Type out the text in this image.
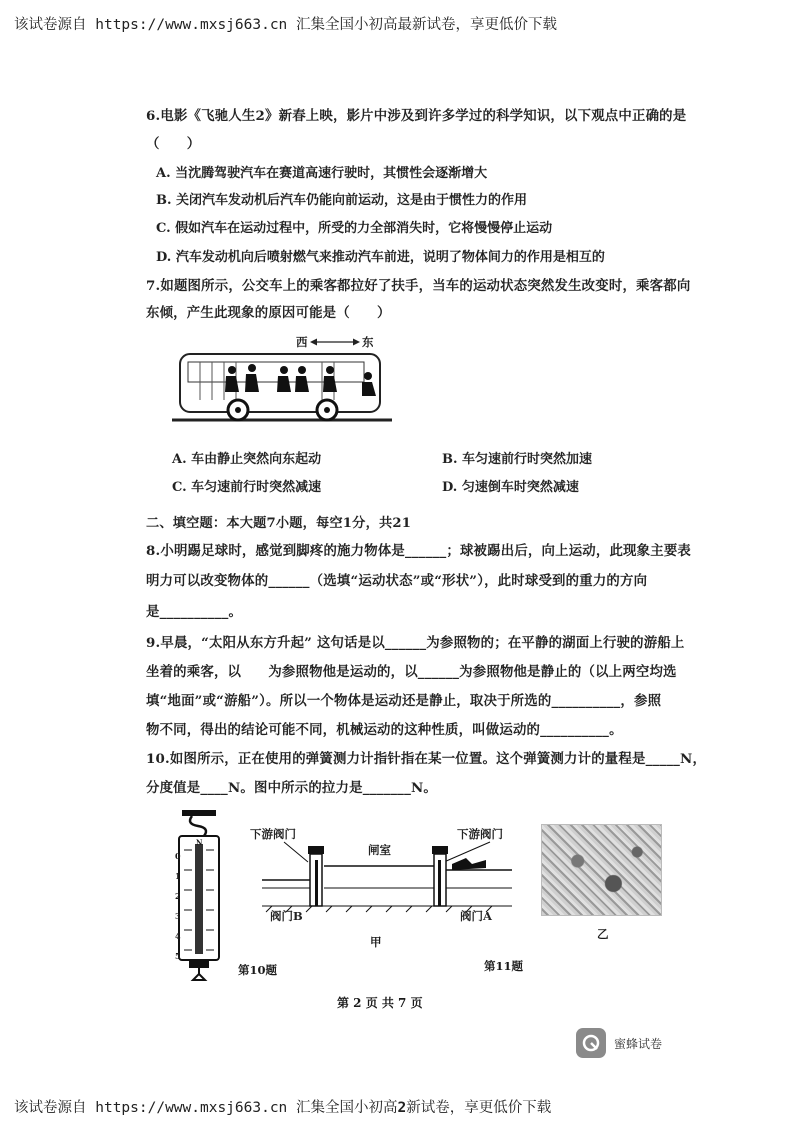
该试卷源自 https://www.mxsj663.cn 汇集全国小初高最新试卷，享更低价下载
6.电影《飞驰人生2》新春上映，影片中涉及到许多学过的科学知识，以下观点中正确的是
（　　）
A. 当沈腾驾驶汽车在赛道高速行驶时，其惯性会逐渐增大
B. 关闭汽车发动机后汽车仍能向前运动，这是由于惯性力的作用
C. 假如汽车在运动过程中，所受的力全部消失时，它将慢慢停止运动
D. 汽车发动机向后喷射燃气来推动汽车前进，说明了物体间力的作用是相互的
7.如题图所示，公交车上的乘客都拉好了扶手，当车的运动状态突然发生改变时，乘客都向
东倾，产生此现象的原因可能是（　　）
西	东
A. 车由静止突然向东起动	B. 车匀速前行时突然加速
C. 车匀速前行时突然减速	D. 匀速倒车时突然减速
二、填空题：本大题7小题，每空1分，共21
8.小明踢足球时，感觉到脚疼的施力物体是______；球被踢出后，向上运动，此现象主要表
明力可以改变物体的______（选填“运动状态”或“形状”），此时球受到的重力的方向
是__________。
9.早晨，“太阳从东方升起” 这句话是以______为参照物的；在平静的湖面上行驶的游船上
坐着的乘客，以　　为参照物他是运动的，以______为参照物他是静止的（以上两空均选
填“地面”或“游船”）。所以一个物体是运动还是静止，取决于所选的__________，参照
物不同，得出的结论可能不同，机械运动的这种性质，叫做运动的__________。
10.如图所示，正在使用的弹簧测力计指针指在某一位置。这个弹簧测力计的量程是_____N，
分度值是____N。图中所示的拉力是_______N。
N
0
1
2
3
4
5
第10题
下游阀门	下游阀门
闸室
阀门B	阀门A
甲
第11题
乙
第 2 页 共 7 页
蜜蜂试卷
该试卷源自 https://www.mxsj663.cn 汇集全国小初高2新试卷，享更低价下载
